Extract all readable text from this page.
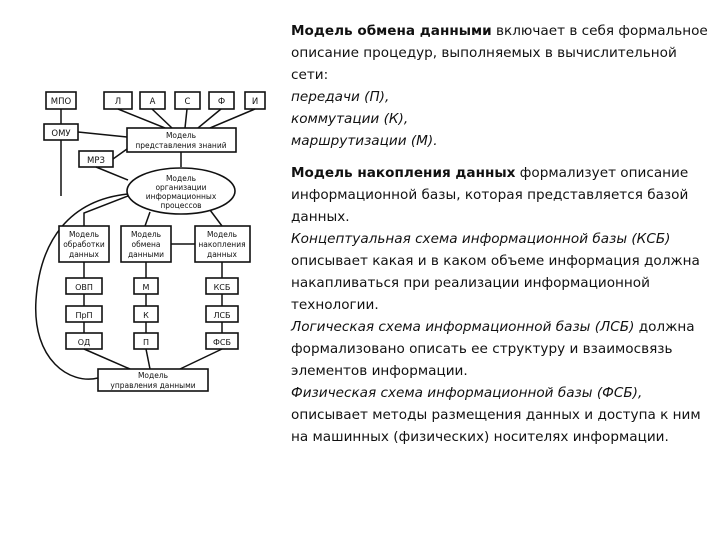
МПО	Л	А	С	Ф	И
ОМУ	Модель
представления знаний
МРЗ
Модель
организации
информационных
процессов
Модель
обработки
данных
Модель
обмена
данными
Модель
накопления
данных
ОВП
ПрП
ОД
М
К
П
КСБ
ЛСБ
ФСБ
Модель
управления данными

Модель обмена данными включает в себя формальное описание процедур, выполняемых в вычислительной сети:

передачи (П),

коммутации (К),

маршрутизации (М).

Модель накопления данных формализует описание информационной базы, которая представляется базой данных.
Концептуальная схема информационной базы (КСБ) описывает какая и в каком объеме информация должна накапливаться при реализации информационной технологии.
Логическая схема информационной базы (ЛСБ) должна формализовано описать ее структуру и взаимосвязь элементов информации.
Физическая схема информационной базы (ФСБ), описывает методы размещения данных и доступа к ним на машинных (физических) носителях информации.
